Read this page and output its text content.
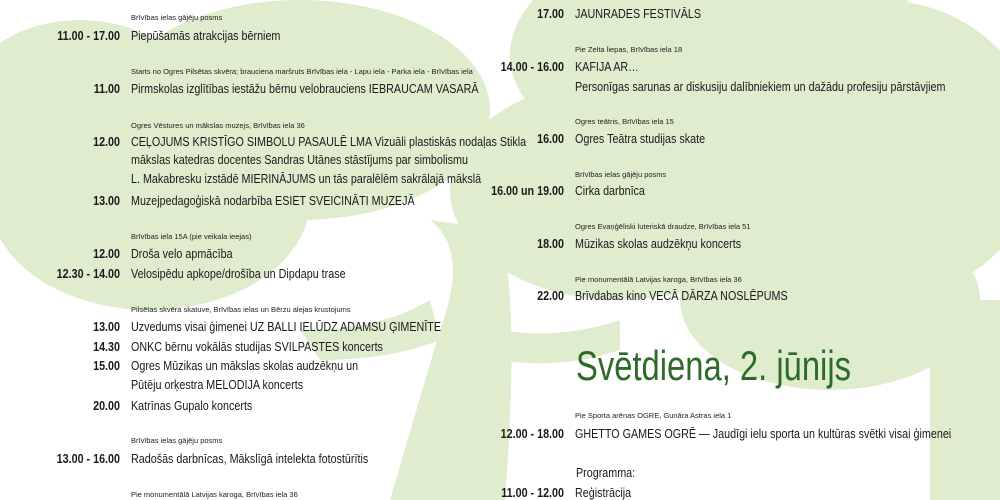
Brīvības ielas gājēju posms
11.00 - 17.00 Piepūšamās atrakcijas bērniem
Starts no Ogres Pilsētas skvēra; brauciena maršruts Brīvības iela - Lapu iela - Parka iela - Brīvības iela
11.00 Pirmskolas izglītības iestāžu bērnu velobrauciens IEBRAUCAM VASARĀ
Ogres Vēstures un mākslas muzejs, Brīvības iela 36
12.00 CEĻOJUMS KRISTĪGO SIMBOLU PASAULĒ LMA Vizuāli plastiskās nodaļas Stikla
mākslas katedras docentes Sandras Utānes stāstījums par simbolismu
L. Makabresku izstādē MIERINĀJUMS un tās paralēlēm sakrālajā mākslā
13.00 Muzejpedagoģiskā nodarbība ESIET SVEICINĀTI MUZEJĀ
Brīvības iela 15A (pie veikala ieejas)
12.00 Droša velo apmācība
12.30 - 14.00 Velosipēdu apkope/drošība un Dipdapu trase
Pilsētas skvēra skatuve, Brīvības ielas un Bērzu alejas krustojums
13.00 Uzvedums visai ģimenei UZ BALLI IELŪDZ ADAMSU ĢIMENĪTE
14.30 ONKC bērnu vokālās studijas SVILPASTES koncerts
15.00 Ogres Mūzikas un mākslas skolas audzēkņu un
Pūtēju orķestra MELODIJA koncerts
20.00 Katrīnas Gupalo koncerts
Brīvības ielas gājēju posms
13.00 - 16.00 Radošās darbnīcas, Mākslīgā intelekta fotostūrītis
Pie monumentālā Latvijas karoga, Brīvības iela 36
17.00 JAUNRADES FESTIVĀLS
Pie Zelta liepas, Brīvības iela 18
14.00 - 16.00 KAFIJA AR…
Personīgas sarunas ar diskusiju dalībniekiem un dažādu profesiju pārstāvjiem
Ogres teātris, Brīvības iela 15
16.00 Ogres Teātra studijas skate
Brīvības ielas gājēju posms
16.00 un 19.00 Cirka darbnīca
Ogres Evaņģēliski luteriskā draudze, Brīvības iela 51
18.00 Mūzikas skolas audzēkņu koncerts
Pie monumentālā Latvijas karoga, Brīvības iela 36
22.00 Brīvdabas kino VECĀ DĀRZA NOSLĒPUMS
Pie Sporta arēnas OGRE, Gunāra Astras iela 1
12.00 - 18.00 GHETTO GAMES OGRĒ — Jaudīgi ielu sporta un kultūras svētki visai ģimenei
11.00 - 12.00 Reģistrācija
Svētdiena, 2. jūnijs
Programma:
